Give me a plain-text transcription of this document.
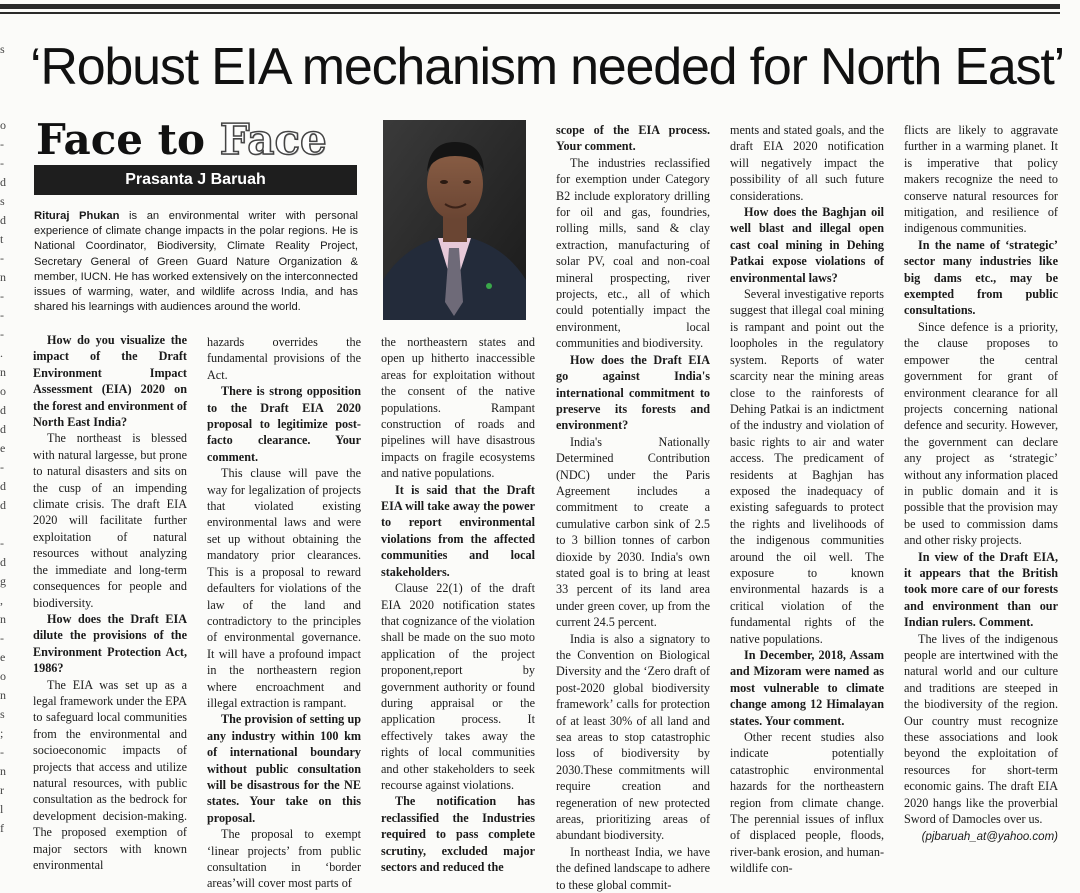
s

o
-
-
d
s
d
t
-
n
-
-
-
.
n
o
d
d
e
-
d
d

-
d
g
,
n
-
e
o
n
s
;
-
n
r
l
f
‘Robust EIA mechanism needed for North East’
Face to Face
Prasanta J Baruah
Rituraj Phukan is an environmental writer with personal experience of climate change impacts in the polar regions. He is National Coordinator, Biodiversity, Climate Reality Project, Secretary General of Green Guard Nature Organization & member, IUCN. He has worked extensively on the interconnected issues of warming, water, and wildlife across India, and has shared his learnings with audiences around the world.

How do you visualize the impact of the Draft Environment Impact Assessment (EIA) 2020 on the forest and environment of North East India?

The northeast is blessed with natural largesse, but prone to natural disasters and sits on the cusp of an impending climate crisis. The draft EIA 2020 will facilitate further exploitation of natural resources without analyzing the immediate and long-term consequences for people and biodiversity.

How does the Draft EIA dilute the provisions of the Environment Protection Act, 1986?

The EIA was set up as a legal framework under the EPA to safeguard local communities from the environmental and socioeconomic impacts of projects that access and utilize natural resources, with public consultation as the bedrock for development decision-making. The proposed exemption of major sectors with known environmental

hazards overrides the fundamental provisions of the Act.

There is strong opposition to the Draft EIA 2020 proposal to legitimize post-facto clearance. Your comment.

This clause will pave the way for legalization of projects that violated existing environmental laws and were set up without obtaining the mandatory prior clearances. This is a proposal to reward defaulters for violations of the law of the land and contradictory to the principles of environmental governance. It will have a profound impact in the northeastern region where encroachment and illegal extraction is rampant.

The provision of setting up any industry within 100 km of international boundary without public consultation will be disastrous for the NE states. Your take on this proposal.

The proposal to exempt ‘linear projects’ from public consultation in ‘border areas’will cover most parts of

the northeastern states and open up hitherto inaccessible areas for exploitation without the consent of the native populations. Rampant construction of roads and pipelines will have disastrous impacts on fragile ecosystems and native populations.

It is said that the Draft EIA will take away the power to report environmental violations from the affected communities and local stakeholders.

Clause 22(1) of the draft EIA 2020 notification states that cognizance of the violation shall be made on the suo moto application of the project proponent,report by government authority or found during appraisal or the application process. It effectively takes away the rights of local communities and other stakeholders to seek recourse against violations.

The notification has reclassified the Industries required to pass complete scrutiny, excluded major sectors and reduced the

scope of the EIA process. Your comment.

The industries reclassified for exemption under Category B2 include exploratory drilling for oil and gas, foundries, rolling mills, sand & clay extraction, manufacturing of solar PV, coal and non-coal mineral prospecting, river projects, etc., all of which could potentially impact the environment, local communities and biodiversity.

How does the Draft EIA go against India's international commitment to preserve its forests and environment?

India's Nationally Determined Contribution (NDC) under the Paris Agreement includes a commitment to create a cumulative carbon sink of 2.5 to 3 billion tonnes of carbon dioxide by 2030. India's own stated goal is to bring at least 33 percent of its land area under green cover, up from the current 24.5 percent.

India is also a signatory to the Convention on Biological Diversity and the ‘Zero draft of post-2020 global biodiversity framework’ calls for protection of at least 30% of all land and sea areas to stop catastrophic loss of biodiversity by 2030.These commitments will require creation and regeneration of new protected areas, prioritizing areas of abundant biodiversity.

In northeast India, we have the defined landscape to adhere to these global commit-

ments and stated goals, and the draft EIA 2020 notification will negatively impact the possibility of all such future considerations.

How does the Baghjan oil well blast and illegal open cast coal mining in Dehing Patkai expose violations of environmental laws?

Several investigative reports suggest that illegal coal mining is rampant and point out the loopholes in the regulatory system. Reports of water scarcity near the mining areas close to the rainforests of Dehing Patkai is an indictment of the industry and violation of basic rights to air and water access. The predicament of residents at Baghjan has exposed the inadequacy of existing safeguards to protect the rights and livelihoods of the indigenous communities around the oil well. The exposure to known environmental hazards is a critical violation of the fundamental rights of the native populations.

In December, 2018, Assam and Mizoram were named as most vulnerable to climate change among 12 Himalayan states. Your comment.

Other recent studies also indicate potentially catastrophic environmental hazards for the northeastern region from climate change. The perennial issues of influx of displaced people, floods, river-bank erosion, and human-wildlife con-

flicts are likely to aggravate further in a warming planet. It is imperative that policy makers recognize the need to conserve natural resources for mitigation, and resilience of indigenous communities.

In the name of ‘strategic’ sector many industries like big dams etc., may be exempted from public consultations.

Since defence is a priority, the clause proposes to empower the central government for grant of environment clearance for all projects concerning national defence and security. However, the government can declare any project as ‘strategic’ without any information placed in public domain and it is possible that the provision may be used to commission dams and other risky projects.

In view of the Draft EIA, it appears that the British took more care of our forests and environment than our Indian rulers. Comment.

The lives of the indigenous people are intertwined with the natural world and our culture and traditions are steeped in the biodiversity of the region. Our country must recognize these associations and look beyond the exploitation of resources for short-term economic gains. The draft EIA 2020 hangs like the proverbial Sword of Damocles over us.

(pjbaruah_at@yahoo.com)
